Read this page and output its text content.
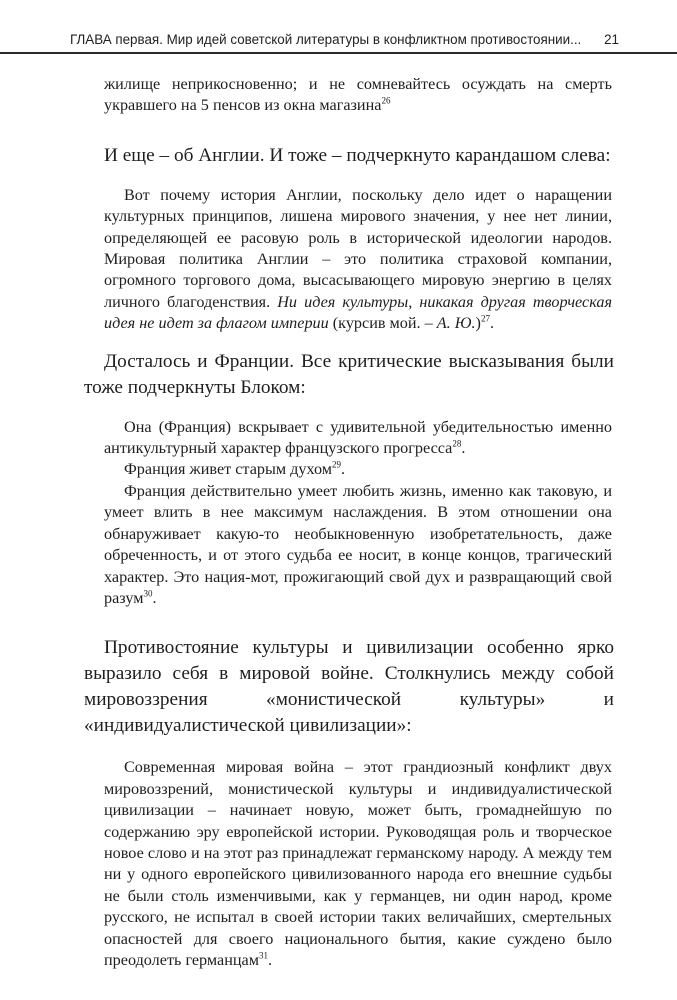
ГЛАВА первая. Мир идей советской литературы в конфликтном противостоянии... 21

жилище неприкосновенно; и не сомневайтесь осуждать на смерть укравшего на 5 пенсов из окна магазина$^{26}$

И еще – об Англии. И тоже – подчеркнуто карандашом слева:

Вот почему история Англии, поскольку дело идет о наращении культурных принципов, лишена мирового значения, у нее нет линии, определяющей ее расовую роль в исторической идеологии народов. Мировая политика Англии – это политика страховой компании, огромного торгового дома, высасывающего мировую энергию в целях личного благоденствия. Ни идея культуры, никакая другая творческая идея не идет за флагом империи (курсив мой. – А. Ю.)$^{27}$.

Досталось и Франции. Все критические высказывания были тоже подчеркнуты Блоком:

Она (Франция) вскрывает с удивительной убедительностью именно антикультурный характер французского прогресса$^{28}$.

Франция живет старым духом$^{29}$.

Франция действительно умеет любить жизнь, именно как таковую, и умеет влить в нее максимум наслаждения. В этом отношении она обнаруживает какую-то необыкновенную изобретательность, даже обреченность, и от этого судьба ее носит, в конце концов, трагический характер. Это нация-мот, прожигающий свой дух и развращающий свой разум$^{30}$.

Противостояние культуры и цивилизации особенно ярко выразило себя в мировой войне. Столкнулись между собой мировоззрения «монистической культуры» и «индивидуалистической цивилизации»:

Современная мировая война – этот грандиозный конфликт двух мировоззрений, монистической культуры и индивидуалистической цивилизации – начинает новую, может быть, громаднейшую по содержанию эру европейской истории. Руководящая роль и творческое новое слово и на этот раз принадлежат германскому народу. А между тем ни у одного европейского цивилизованного народа его внешние судьбы не были столь изменчивыми, как у германцев, ни один народ, кроме русского, не испытал в своей истории таких величайших, смертельных опасностей для своего национального бытия, какие суждено было преодолеть германцам$^{31}$.
